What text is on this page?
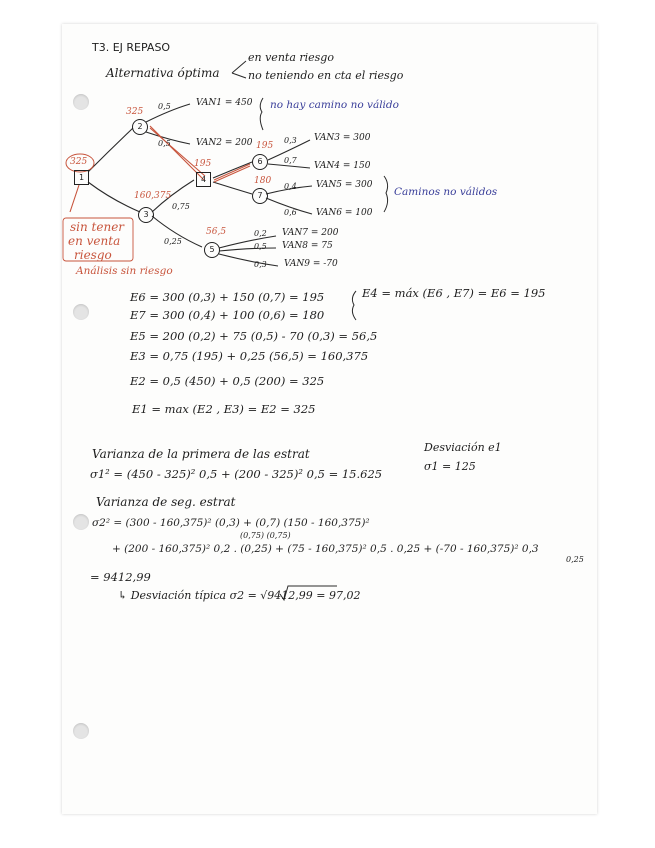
T3. EJ REPASO
Alternativa óptima
en venta riesgo
no teniendo en cta el riesgo
1
2
3
4
5
6
7
325
325
160,375
195
195
180
56,5
0,5
0,5
0,75
0,25
0,3
0,7
0,4
0,6
0,2
0,5
0,3
VAN1 = 450
VAN2 = 200	VAN3 = 300
VAN4 = 150
VAN5 = 300
VAN6 = 100
VAN7 = 200
VAN8 = 75
VAN9 = -70
no hay camino no válido
Caminos no válidos
sin tener
en venta
riesgo
Análisis sin riesgo
E6 = 300 (0,3) + 150 (0,7) = 195
E7 = 300 (0,4) + 100 (0,6) = 180
E4 = máx (E6 , E7) = E6 = 195
E5 = 200 (0,2) + 75 (0,5) - 70 (0,3) = 56,5
E3 = 0,75 (195) + 0,25 (56,5) = 160,375
E2 = 0,5 (450) + 0,5 (200) = 325
E1 = max (E2 , E3) = E2 = 325
Varianza de la primera de las estrat
σ1² = (450 - 325)² 0,5 + (200 - 325)² 0,5 = 15.625
Desviación e1
σ1 = 125
Varianza de seg. estrat
σ2² = (300 - 160,375)² (0,3) + (0,7) (150 - 160,375)²
(0,75) (0,75)
+ (200 - 160,375)² 0,2 . (0,25) + (75 - 160,375)² 0,5 . 0,25 + (-70 - 160,375)² 0,3
0,25
= 9412,99
↳ Desviación típica σ2 = √9412,99 = 97,02
